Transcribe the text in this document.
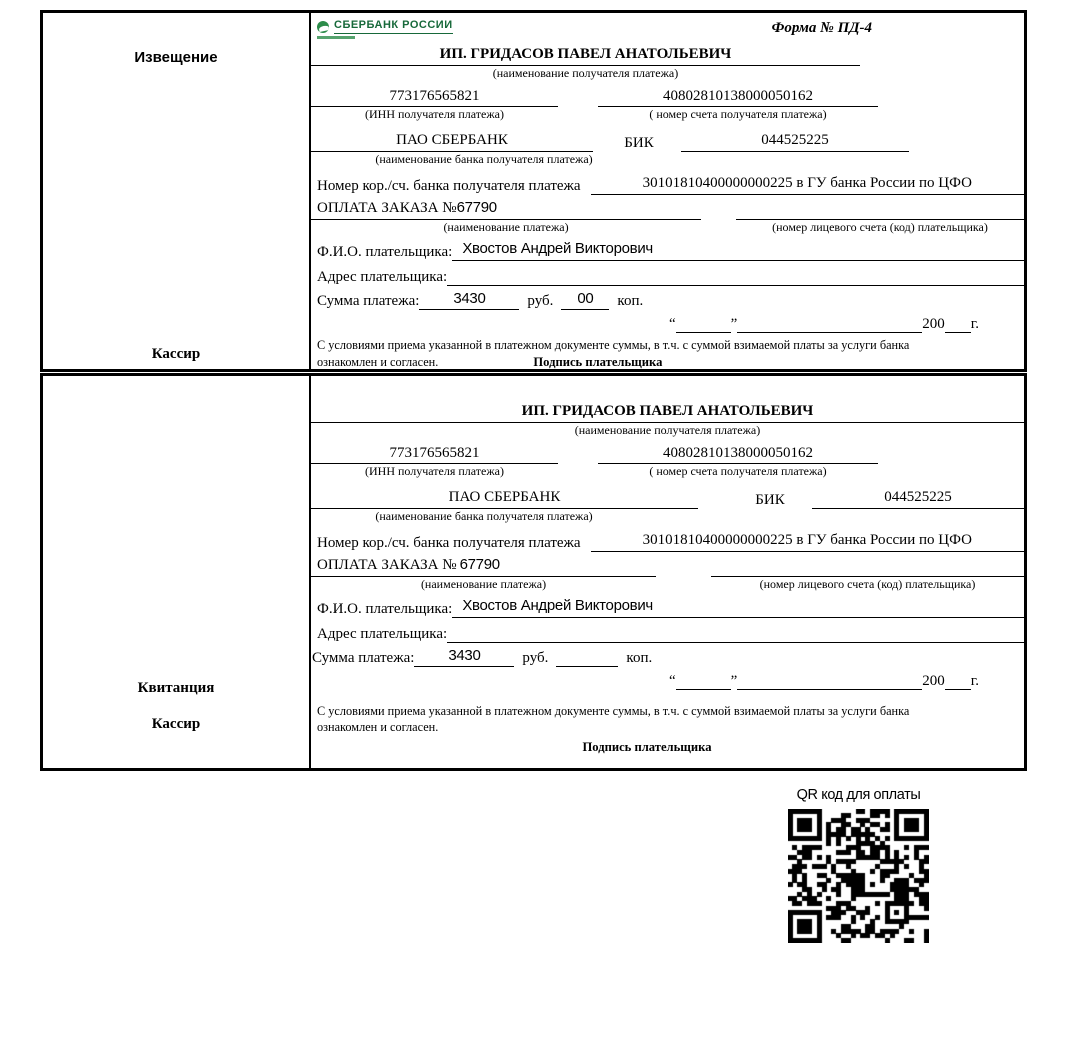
Извещение
Кассир
СБЕРБАНК РОССИИ	Форма № ПД-4
ИП. ГРИДАСОВ ПАВЕЛ АНАТОЛЬЕВИЧ
(наименование получателя платежа)
773176565821	40802810138000050162
(ИНН получателя платежа)	( номер счета получателя платежа)
ПАО СБЕРБАНК	БИК	044525225
(наименование банка получателя платежа)
Номер кор./сч. банка получателя платежа	30101810400000000225 в ГУ банка России по ЦФО
ОПЛАТА ЗАКАЗА №67790
(наименование платежа)	(номер лицевого счета (код) плательщика)
Ф.И.О. плательщика: Хвостов Андрей Викторович
Адрес плательщика:
Сумма платежа:	3430	руб.	00	коп.
“	”	200 г.
С условиями приема указанной в платежном документе суммы, в т.ч. с суммой взимаемой платы за услуги банка
ознакомлен и согласен.	Подпись плательщика
Квитанция
Кассир
ИП. ГРИДАСОВ ПАВЕЛ АНАТОЛЬЕВИЧ
(наименование получателя платежа)
773176565821	40802810138000050162
(ИНН получателя платежа)	( номер счета получателя платежа)
ПАО СБЕРБАНК	БИК	044525225
(наименование банка получателя платежа)
Номер кор./сч. банка получателя платежа	30101810400000000225 в ГУ банка России по ЦФО
ОПЛАТА ЗАКАЗА № 67790
(наименование платежа)	(номер лицевого счета (код) плательщика)
Ф.И.О. плательщика: Хвостов Андрей Викторович
Адрес плательщика:
Сумма платежа:	3430	руб.	коп.
“	”	200 г.
С условиями приема указанной в платежном документе суммы, в т.ч. с суммой взимаемой платы за услуги банка
ознакомлен и согласен.
Подпись плательщика
QR код для оплаты
